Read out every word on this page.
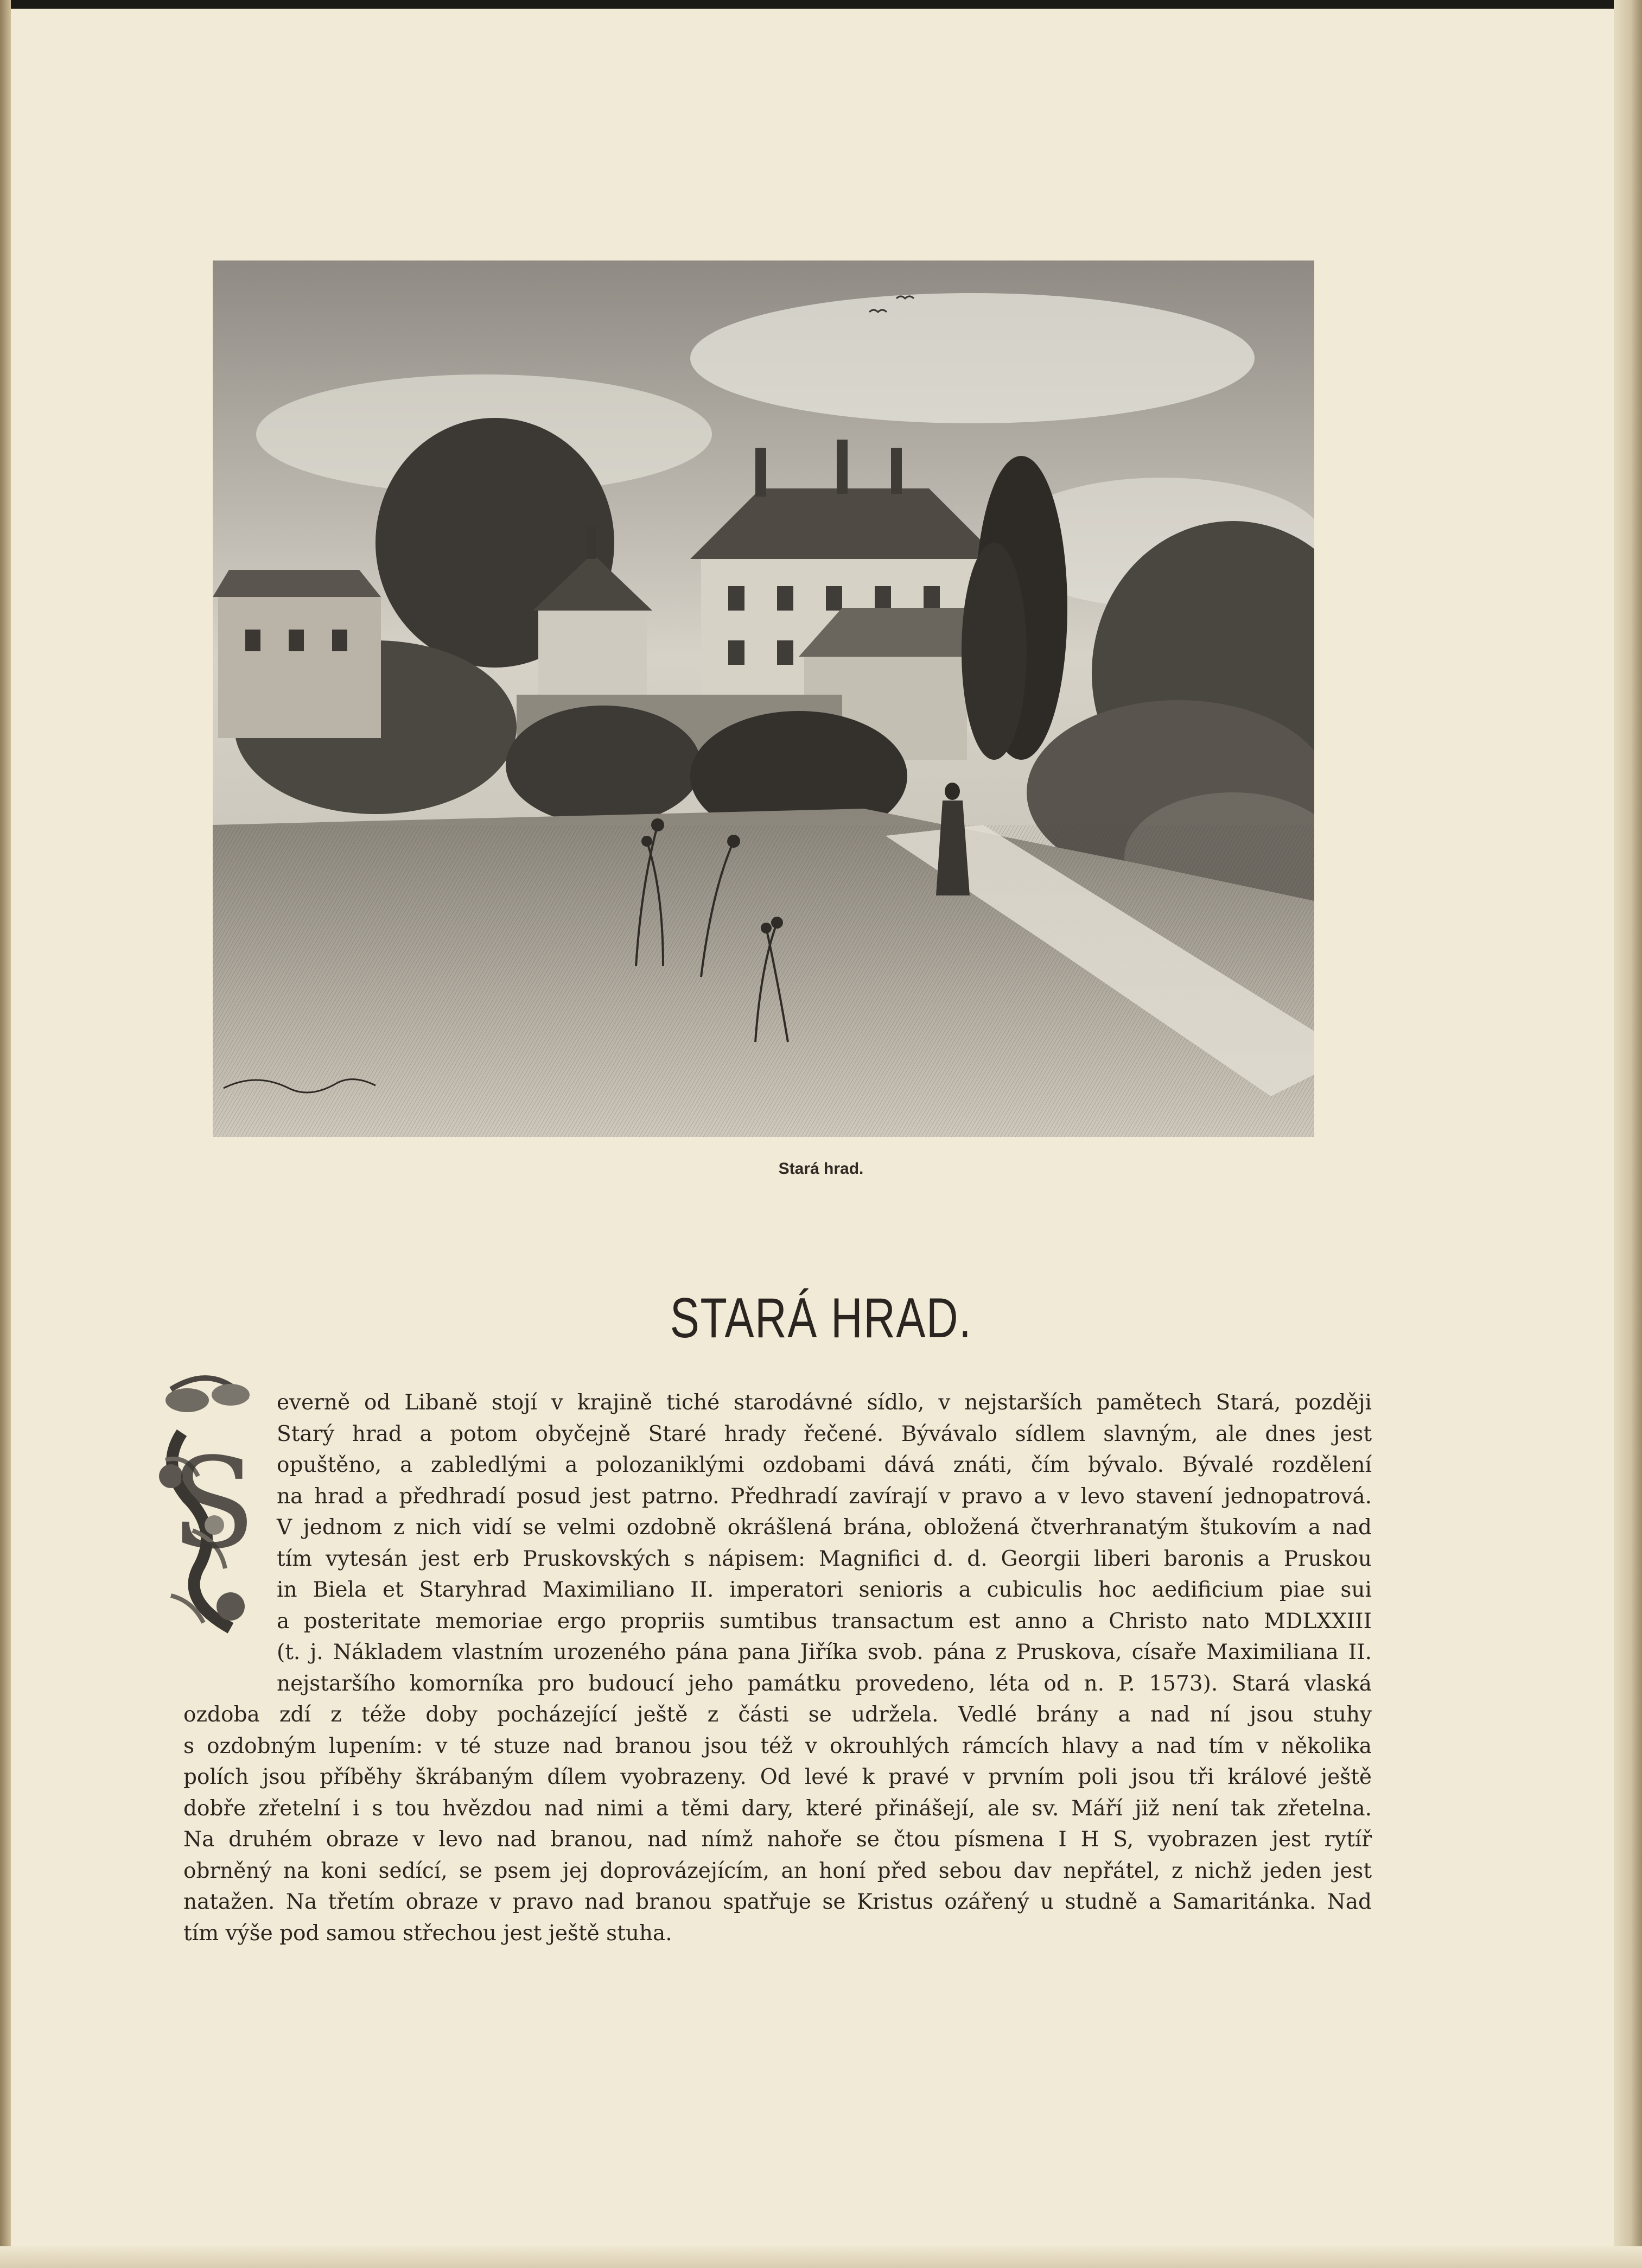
Stará hrad.
STARÁ HRAD.
S
everně od Libaně stojí v krajině tiché starodávné sídlo, v nejstarších pamětech Stará, později
Starý hrad a potom obyčejně Staré hrady řečené. Bývávalo sídlem slavným, ale dnes jest
opuštěno, a zabledlými a polozaniklými ozdobami dává znáti, čím bývalo. Bývalé rozdělení
na hrad a předhradí posud jest patrno. Předhradí zavírají v pravo a v levo stavení jednopatrová.
V jednom z nich vidí se velmi ozdobně okrášlená brána, obložená čtverhranatým štukovím a nad
tím vytesán jest erb Pruskovských s nápisem: Magnifici d. d. Georgii liberi baronis a Pruskou
in Biela et Staryhrad Maximiliano II. imperatori senioris a cubiculis hoc aedificium piae sui
a posteritate memoriae ergo propriis sumtibus transactum est anno a Christo nato MDLXXIII
(t. j. Nákladem vlastním urozeného pána pana Jiříka svob. pána z Pruskova, císaře Maximiliana II.
nejstaršího komorníka pro budoucí jeho památku provedeno, léta od n. P. 1573). Stará vlaská
ozdoba zdí z téže doby pocházející ještě z části se udržela. Vedlé brány a nad ní jsou stuhy
s ozdobným lupením: v té stuze nad branou jsou též v okrouhlých rámcích hlavy a nad tím v několika
polích jsou příběhy škrábaným dílem vyobrazeny. Od levé k pravé v prvním poli jsou tři králové ještě
dobře zřetelní i s tou hvězdou nad nimi a těmi dary, které přinášejí, ale sv. Máří již není tak zřetelna.
Na druhém obraze v levo nad branou, nad nímž nahoře se čtou písmena I H S, vyobrazen jest rytíř
obrněný na koni sedící, se psem jej doprovázejícím, an honí před sebou dav nepřátel, z nichž jeden jest
natažen. Na třetím obraze v pravo nad branou spatřuje se Kristus ozářený u studně a Samaritánka. Nad
tím výše pod samou střechou jest ještě stuha.
